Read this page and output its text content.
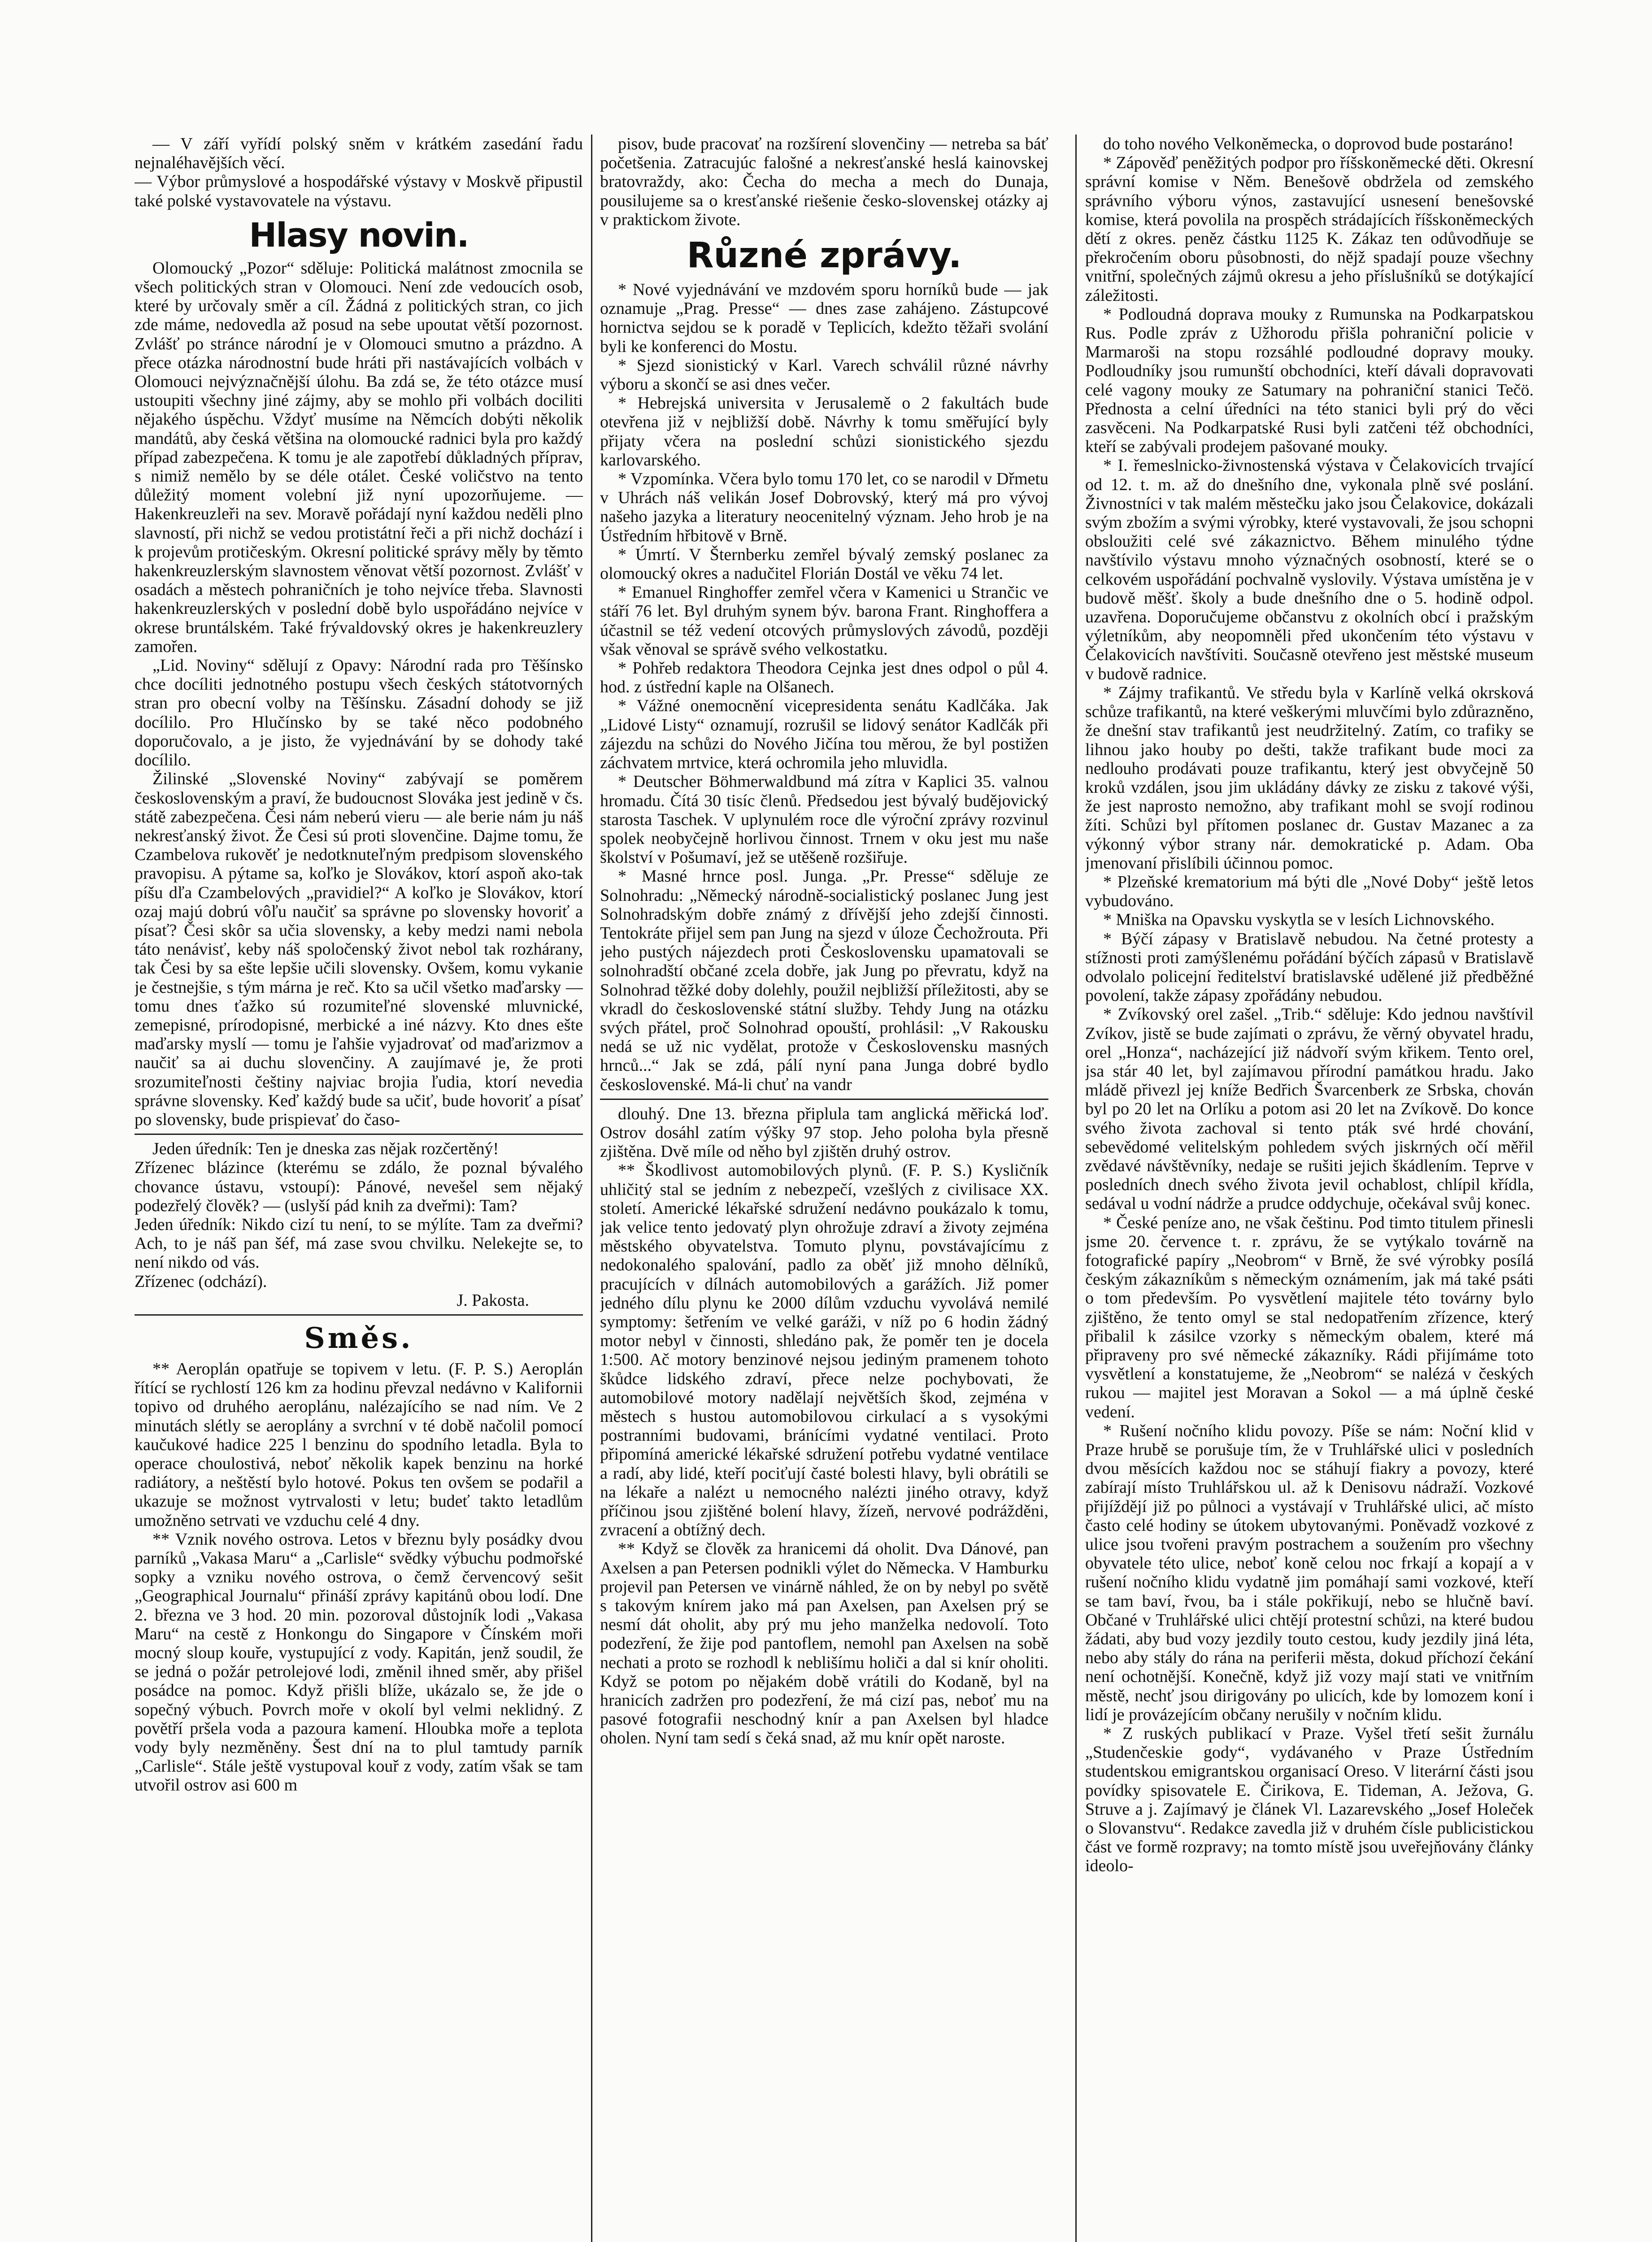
— V září vyřídí polský sněm v krátkém zasedání řadu nejnaléhavějších věcí.
— Výbor průmyslové a hospodářské výstavy v Moskvě připustil také polské vystavovatele na výstavu.

Hlasy novin.

Olomoucký „Pozor“ sděluje: Politická malátnost zmocnila se všech politických stran v Olomouci. Není zde vedoucích osob, které by určovaly směr a cíl. Žádná z politických stran, co jich zde máme, nedovedla až posud na sebe upoutat větší pozornost. Zvlášť po stránce národní je v Olomouci smutno a prázdno. A přece otázka národnostní bude hráti při nastávajících volbách v Olomouci nejvýznačnější úlohu. Ba zdá se, že této otázce musí ustoupiti všechny jiné zájmy, aby se mohlo při volbách dociliti nějakého úspěchu. Vždyť musíme na Němcích dobýti několik mandátů, aby česká většina na olomoucké radnici byla pro každý případ zabezpečena. K tomu je ale zapotřebí důkladných příprav, s nimiž nemělo by se déle otálet. České voličstvo na tento důležitý moment volební již nyní upozorňujeme. — Hakenkreuzleři na sev. Moravě pořádají nyní každou neděli plno slavností, při nichž se vedou protistátní řeči a při nichž dochází i k projevům protičeským. Okresní politické správy měly by těmto hakenkreuzlerským slavnostem věnovat větší pozornost. Zvlášť v osadách a městech pohraničních je toho nejvíce třeba. Slavnosti hakenkreuzlerských v poslední době bylo uspořádáno nejvíce v okrese bruntálském. Také frývaldovský okres je hakenkreuzlery zamořen.

„Lid. Noviny“ sdělují z Opavy: Národní rada pro Těšínsko chce docíliti jednotného postupu všech českých státotvorných stran pro obecní volby na Těšínsku. Zásadní dohody se již docílilo. Pro Hlučínsko by se také něco podobného doporučovalo, a je jisto, že vyjednávání by se dohody také docílilo.

Žilinské „Slovenské Noviny“ zabývají se poměrem československým a praví, že budoucnost Slováka jest jedině v čs. státě zabezpečena. Česi nám neberú vieru — ale berie nám ju náš nekresťanský život. Že Česi sú proti slovenčine. Dajme tomu, že Czambelova rukověť je nedotknuteľným predpisom slovenského pravopisu. A pýtame sa, koľko je Slovákov, ktorí aspoň ako-tak píšu dľa Czambelových „pravidiel?“ A koľko je Slovákov, ktorí ozaj majú dobrú vôľu naučiť sa správne po slovensky hovoriť a písať? Česi skôr sa učia slovensky, a keby medzi nami nebola táto nenávisť, keby náš spoločenský život nebol tak rozhárany, tak Česi by sa ešte lepšie učili slovensky. Ovšem, komu vykanie je čestnejšie, s tým márna je reč. Kto sa učil všetko maďarsky — tomu dnes ťažko sú rozumiteľné slovenské mluvnické, zemepisné, prírodopisné, merbické a iné názvy. Kto dnes ešte maďarsky myslí — tomu je ľahšie vyjadrovať od maďarizmov a naučiť sa ai duchu slovenčiny. A zaujímavé je, že proti srozumiteľnosti češtiny najviac brojia ľudia, ktorí nevedia správne slovensky. Keď každý bude sa učiť, bude hovoriť a písať po slovensky, bude prispievať do časo-

Jeden úředník: Ten je dneska zas nějak rozčertěný!
Zřízenec blázince (kterému se zdálo, že poznal bývalého chovance ústavu, vstoupí): Pánové, nevešel sem nějaký podezřelý člověk? — (uslyší pád knih za dveřmi): Tam?
Jeden úředník: Nikdo cizí tu není, to se mýlíte. Tam za dveřmi? Ach, to je náš pan šéf, má zase svou chvilku. Nelekejte se, to není nikdo od vás.
Zřízenec (odchází).

J. Pakosta.

Směs.

** Aeroplán opatřuje se topivem v letu. (F. P. S.) Aeroplán řítící se rychlostí 126 km za hodinu převzal nedávno v Kalifornii topivo od druhého aeroplánu, nalézajícího se nad ním. Ve 2 minutách slétly se aeroplány a svrchní v té době načolil pomocí kaučukové hadice 225 l benzinu do spodního letadla. Byla to operace choulostivá, neboť několik kapek benzinu na horké radiátory, a neštěstí bylo hotové. Pokus ten ovšem se podařil a ukazuje se možnost vytrvalosti v letu; budeť takto letadlům umožněno setrvati ve vzduchu celé 4 dny.

** Vznik nového ostrova. Letos v březnu byly posádky dvou parníků „Vakasa Maru“ a „Carlisle“ svědky výbuchu podmořské sopky a vzniku nového ostrova, o čemž červencový sešit „Geographical Journalu“ přináší zprávy kapitánů obou lodí. Dne 2. března ve 3 hod. 20 min. pozoroval důstojník lodi „Vakasa Maru“ na cestě z Honkongu do Singapore v Čínském moři mocný sloup kouře, vystupující z vody. Kapitán, jenž soudil, že se jedná o požár petrolejové lodi, změnil ihned směr, aby přišel posádce na pomoc. Když přišli blíže, ukázalo se, že jde o sopečný výbuch. Povrch moře v okolí byl velmi neklidný. Z povětří pršela voda a pazoura kamení. Hloubka moře a teplota vody byly nezměněny. Šest dní na to plul tamtudy parník „Carlisle“. Stále ještě vystupoval kouř z vody, zatím však se tam utvořil ostrov asi 600 m

pisov, bude pracovať na rozšírení slovenčiny — netreba sa báť početšenia. Zatracujúc falošné a nekresťanské heslá kainovskej bratovraždy, ako: Čecha do mecha a mech do Dunaja, pousilujeme sa o kresťanské riešenie česko-slovenskej otázky aj v praktickom živote.

Různé zprávy.

* Nové vyjednávání ve mzdovém sporu horníků bude — jak oznamuje „Prag. Presse“ — dnes zase zahájeno. Zástupcové hornictva sejdou se k poradě v Teplicích, kdežto těžaři svolání byli ke konferenci do Mostu.

* Sjezd sionistický v Karl. Varech schválil různé návrhy výboru a skončí se asi dnes večer.

* Hebrejská universita v Jerusalemě o 2 fakultách bude otevřena již v nejbližší době. Návrhy k tomu směřující byly přijaty včera na poslední schůzi sionistického sjezdu karlovarského.

* Vzpomínka. Včera bylo tomu 170 let, co se narodil v Dřmetu v Uhrách náš velikán Josef Dobrovský, který má pro vývoj našeho jazyka a literatury neocenitelný význam. Jeho hrob je na Ústředním hřbitově v Brně.

* Úmrtí. V Šternberku zemřel bývalý zemský poslanec za olomoucký okres a nadučitel Florián Dostál ve věku 74 let.

* Emanuel Ringhoffer zemřel včera v Kamenici u Strančic ve stáří 76 let. Byl druhým synem býv. barona Frant. Ringhoffera a účastnil se též vedení otcových průmyslových závodů, později však věnoval se správě svého velkostatku.

* Pohřeb redaktora Theodora Cejnka jest dnes odpol o půl 4. hod. z ústřední kaple na Olšanech.

* Vážné onemocnění vicepresidenta senátu Kadlčáka. Jak „Lidové Listy“ oznamují, rozrušil se lidový senátor Kadlčák při zájezdu na schůzi do Nového Jičína tou měrou, že byl postižen záchvatem mrtvice, která ochromila jeho mluvidla.

* Deutscher Böhmerwaldbund má zítra v Kaplici 35. valnou hromadu. Čítá 30 tisíc členů. Předsedou jest bývalý budějovický starosta Taschek. V uplynulém roce dle výroční zprávy rozvinul spolek neobyčejně horlivou činnost. Trnem v oku jest mu naše školství v Pošumaví, jež se utěšeně rozšiřuje.

* Masné hrnce posl. Junga. „Pr. Presse“ sděluje ze Solnohradu: „Německý národně-socialistický poslanec Jung jest Solnohradským dobře známý z dřívější jeho zdejší činnosti. Tentokráte přijel sem pan Jung na sjezd v úloze Čechožrouta. Při jeho pustých nájezdech proti Československu upamatovali se solnohradští občané zcela dobře, jak Jung po převratu, když na Solnohrad těžké doby dolehly, použil nejbližší příležitosti, aby se vkradl do československé státní služby. Tehdy Jung na otázku svých přátel, proč Solnohrad opouští, prohlásil: „V Rakousku nedá se už nic vydělat, protože v Československu masných hrnců...“ Jak se zdá, pálí nyní pana Junga dobré bydlo československé. Má-li chuť na vandr

dlouhý. Dne 13. března připlula tam anglická měřická loď. Ostrov dosáhl zatím výšky 97 stop. Jeho poloha byla přesně zjištěna. Dvě míle od něho byl zjištěn druhý ostrov.

** Škodlivost automobilových plynů. (F. P. S.) Kysličník uhličitý stal se jedním z nebezpečí, vzešlých z civilisace XX. století. Americké lékařské sdružení nedávno poukázalo k tomu, jak velice tento jedovatý plyn ohrožuje zdraví a životy zejména městského obyvatelstva. Tomuto plynu, povstávajícímu z nedokonalého spalování, padlo za oběť již mnoho dělníků, pracujících v dílnách automobilových a garážích. Již pomer jedného dílu plynu ke 2000 dílům vzduchu vyvolává nemilé symptomy: šetřením ve velké garáži, v níž po 6 hodin žádný motor nebyl v činnosti, shledáno pak, že poměr ten je docela 1:500. Ač motory benzinové nejsou jediným pramenem tohoto škůdce lidského zdraví, přece nelze pochybovati, že automobilové motory nadělají největších škod, zejména v městech s hustou automobilovou cirkulací a s vysokými postranními budovami, bránícími vydatné ventilaci. Proto připomíná americké lékařské sdružení potřebu vydatné ventilace a radí, aby lidé, kteří pociťují časté bolesti hlavy, byli obrátili se na lékaře a nalézt u nemocného nalézti jiného otravy, když příčinou jsou zjištěné bolení hlavy, žízeň, nervové podrážděni, zvracení a obtížný dech.

** Když se člověk za hranicemi dá oholit. Dva Dánové, pan Axelsen a pan Petersen podnikli výlet do Německa. V Hamburku projevil pan Petersen ve vinárně náhled, že on by nebyl po světě s takovým knírem jako má pan Axelsen, pan Axelsen prý se nesmí dát oholit, aby prý mu jeho manželka nedovolí. Toto podezření, že žije pod pantoflem, nemohl pan Axelsen na sobě nechati a proto se rozhodl k neblišímu holiči a dal si knír oholiti. Když se potom po nějakém době vrátili do Kodaně, byl na hranicích zadržen pro podezření, že má cizí pas, neboť mu na pasové fotografii neschodný knír a pan Axelsen byl hladce oholen. Nyní tam sedí s čeká snad, až mu knír opět naroste.

do toho nového Velkoněmecka, o doprovod bude postaráno!

* Zápověď peněžitých podpor pro říšskoněmecké děti. Okresní správní komise v Něm. Benešově obdržela od zemského správního výboru výnos, zastavující usnesení benešovské komise, která povolila na prospěch strádajících říšskoněmeckých dětí z okres. peněz částku 1125 K. Zákaz ten odůvodňuje se překročením oboru působnosti, do nějž spadají pouze všechny vnitřní, společných zájmů okresu a jeho příslušníků se dotýkající záležitosti.

* Podloudná doprava mouky z Rumunska na Podkarpatskou Rus. Podle zpráv z Užhorodu přišla pohraniční policie v Marmaroši na stopu rozsáhlé podloudné dopravy mouky. Podloudníky jsou rumunští obchodníci, kteří dávali dopravovati celé vagony mouky ze Satumary na pohraniční stanici Tečö. Přednosta a celní úředníci na této stanici byli prý do věci zasvěceni. Na Podkarpatské Rusi byli zatčeni též obchodníci, kteří se zabývali prodejem pašované mouky.

* I. řemeslnicko-živnostenská výstava v Čelakovicích trvající od 12. t. m. až do dnešního dne, vykonala plně své poslání. Živnostníci v tak malém městečku jako jsou Čelakovice, dokázali svým zbožím a svými výrobky, které vystavovali, že jsou schopni obsloužiti celé své zákaznictvo. Během minulého týdne navštívilo výstavu mnoho význačných osobností, které se o celkovém uspořádání pochvalně vyslovily. Výstava umístěna je v budově měšť. školy a bude dnešního dne o 5. hodině odpol. uzavřena. Doporučujeme občanstvu z okolních obcí i pražským výletníkům, aby neopomněli před ukončením této výstavu v Čelakovicích navštíviti. Současně otevřeno jest městské museum v budově radnice.

* Zájmy trafikantů. Ve středu byla v Karlíně velká okrsková schůze trafikantů, na které veškerými mluvčími bylo zdůrazněno, že dnešní stav trafikantů jest neudržitelný. Zatím, co trafiky se lihnou jako houby po dešti, takže trafikant bude moci za nedlouho prodávati pouze trafikantu, který jest obvyčejně 50 kroků vzdálen, jsou jim ukládány dávky ze zisku z takové výši, že jest naprosto nemožno, aby trafikant mohl se svojí rodinou žíti. Schůzi byl přítomen poslanec dr. Gustav Mazanec a za výkonný výbor strany nár. demokratické p. Adam. Oba jmenovaní přislíbili účinnou pomoc.

* Plzeňské krematorium má býti dle „Nové Doby“ ještě letos vybudováno.

* Mniška na Opavsku vyskytla se v lesích Lichnovského.

* Býčí zápasy v Bratislavě nebudou. Na četné protesty a stížnosti proti zamýšlenému pořádání býčích zápasů v Bratislavě odvolalo policejní ředitelství bratislavské udělené již předběžné povolení, takže zápasy zpořádány nebudou.

* Zvíkovský orel zašel. „Trib.“ sděluje: Kdo jednou navštívil Zvíkov, jistě se bude zajímati o zprávu, že věrný obyvatel hradu, orel „Honza“, nacházející již nádvoří svým křikem. Tento orel, jsa stár 40 let, byl zajímavou přírodní památkou hradu. Jako mládě přivezl jej kníže Bedřich Švarcenberk ze Srbska, chován byl po 20 let na Orlíku a potom asi 20 let na Zvíkově. Do konce svého života zachoval si tento pták své hrdé chování, sebevědomé velitelským pohledem svých jiskrných očí měřil zvědavé návštěvníky, nedaje se rušiti jejich škádlením. Teprve v posledních dnech svého života jevil ochablost, chlípil křídla, sedával u vodní nádrže a prudce oddychuje, očekával svůj konec.

* České peníze ano, ne však češtinu. Pod timto titulem přinesli jsme 20. července t. r. zprávu, že se vytýkalo továrně na fotografické papíry „Neobrom“ v Brně, že své výrobky posílá českým zákazníkům s německým oznámením, jak má také psáti o tom především. Po vysvětlení majitele této továrny bylo zjištěno, že tento omyl se stal nedopatřením zřízence, který přibalil k zásilce vzorky s německým obalem, které má připraveny pro své německé zákazníky. Rádi přijímáme toto vysvětlení a konstatujeme, že „Neobrom“ se nalézá v českých rukou — majitel jest Moravan a Sokol — a má úplně české vedení.

* Rušení nočního klidu povozy. Píše se nám: Noční klid v Praze hrubě se porušuje tím, že v Truhlářské ulici v posledních dvou měsících každou noc se stáhují fiakry a povozy, které zabírají místo Truhlářskou ul. až k Denisovu nádraží. Vozkové přijíždějí již po půlnoci a vystávají v Truhlářské ulici, ač místo často celé hodiny se útokem ubytovanými. Poněvadž vozkové z ulice jsou tvořeni pravým postrachem a soužením pro všechny obyvatele této ulice, neboť koně celou noc frkají a kopají a v rušení nočního klidu vydatně jim pomáhají sami vozkové, kteří se tam baví, řvou, ba i stále pokřikují, nebo se hlučně baví. Občané v Truhlářské ulici chtějí protestní schůzi, na které budou žádati, aby bud vozy jezdily touto cestou, kudy jezdily jiná léta, nebo aby stály do rána na periferii města, dokud příchozí čekání není ochotnější. Konečně, když již vozy mají stati ve vnitřním městě, nechť jsou dirigovány po ulicích, kde by lomozem koní i lidí je provázejícím občany nerušily v nočním klidu.

* Z ruských publikací v Praze. Vyšel třetí sešit žurnálu „Studenčeskie gody“, vydávaného v Praze Ústředním studentskou emigrantskou organisací Oreso. V literární části jsou povídky spisovatele E. Čirikova, E. Tideman, A. Ježova, G. Struve a j. Zajímavý je článek Vl. Lazarevského „Josef Holeček o Slovanstvu“. Redakce zavedla již v druhém čísle publicistickou část ve formě rozpravy; na tomto místě jsou uveřejňovány články ideolo-
